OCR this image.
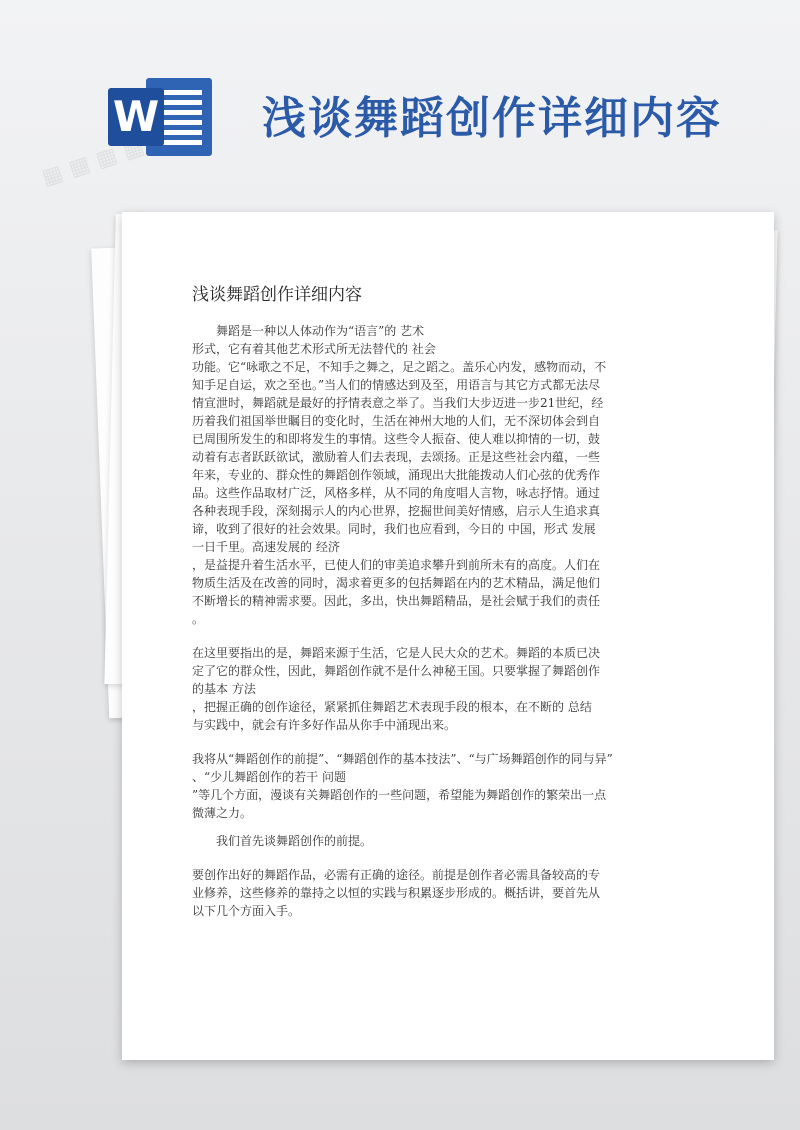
W 浅谈舞蹈创作详细内容
浅谈舞蹈创作详细内容
舞蹈是一种以人体动作为“语言”的 艺术
形式，它有着其他艺术形式所无法替代的 社会
功能。它“咏歌之不足，不知手之舞之，足之蹈之。盖乐心内发，感物而动，不
知手足自运，欢之至也。”当人们的情感达到及至，用语言与其它方式都无法尽
情宣泄时，舞蹈就是最好的抒情表意之举了。当我们大步迈进一步21世纪，经
历着我们祖国举世瞩目的变化时，生活在神州大地的人们，无不深切体会到自
已周围所发生的和即将发生的事情。这些令人振奋、使人难以抑情的一切，鼓
动着有志者跃跃欲试，激励着人们去表现，去颂扬。正是这些社会内蕴，一些
年来，专业的、群众性的舞蹈创作领域，涌现出大批能拨动人们心弦的优秀作
品。这些作品取材广泛，风格多样，从不同的角度唱人言物，咏志抒情。通过
各种表现手段，深刻揭示人的内心世界，挖掘世间美好情感，启示人生追求真
谛，收到了很好的社会效果。同时，我们也应看到，今日的 中国，形式 发展
一日千里。高速发展的 经济
，是益提升着生活水平，已使人们的审美追求攀升到前所未有的高度。人们在
物质生活及在改善的同时，渴求着更多的包括舞蹈在内的艺术精品，满足他们
不断增长的精神需求要。因此，多出，快出舞蹈精品，是社会赋于我们的责任
。
在这里要指出的是，舞蹈来源于生活，它是人民大众的艺术。舞蹈的本质已决
定了它的群众性，因此，舞蹈创作就不是什么神秘王国。只要掌握了舞蹈创作
的基本 方法
，把握正确的创作途径，紧紧抓住舞蹈艺术表现手段的根本，在不断的 总结
与实践中，就会有许多好作品从你手中涌现出来。
我将从“舞蹈创作的前提”、“舞蹈创作的基本技法”、“与广场舞蹈创作的同与异”
、“少儿舞蹈创作的若干 问题
”等几个方面，漫谈有关舞蹈创作的一些问题，希望能为舞蹈创作的繁荣出一点
微薄之力。
我们首先谈舞蹈创作的前提。
要创作出好的舞蹈作品，必需有正确的途径。前提是创作者必需具备较高的专
业修养，这些修养的靠持之以恒的实践与积累逐步形成的。概括讲，要首先从
以下几个方面入手。
